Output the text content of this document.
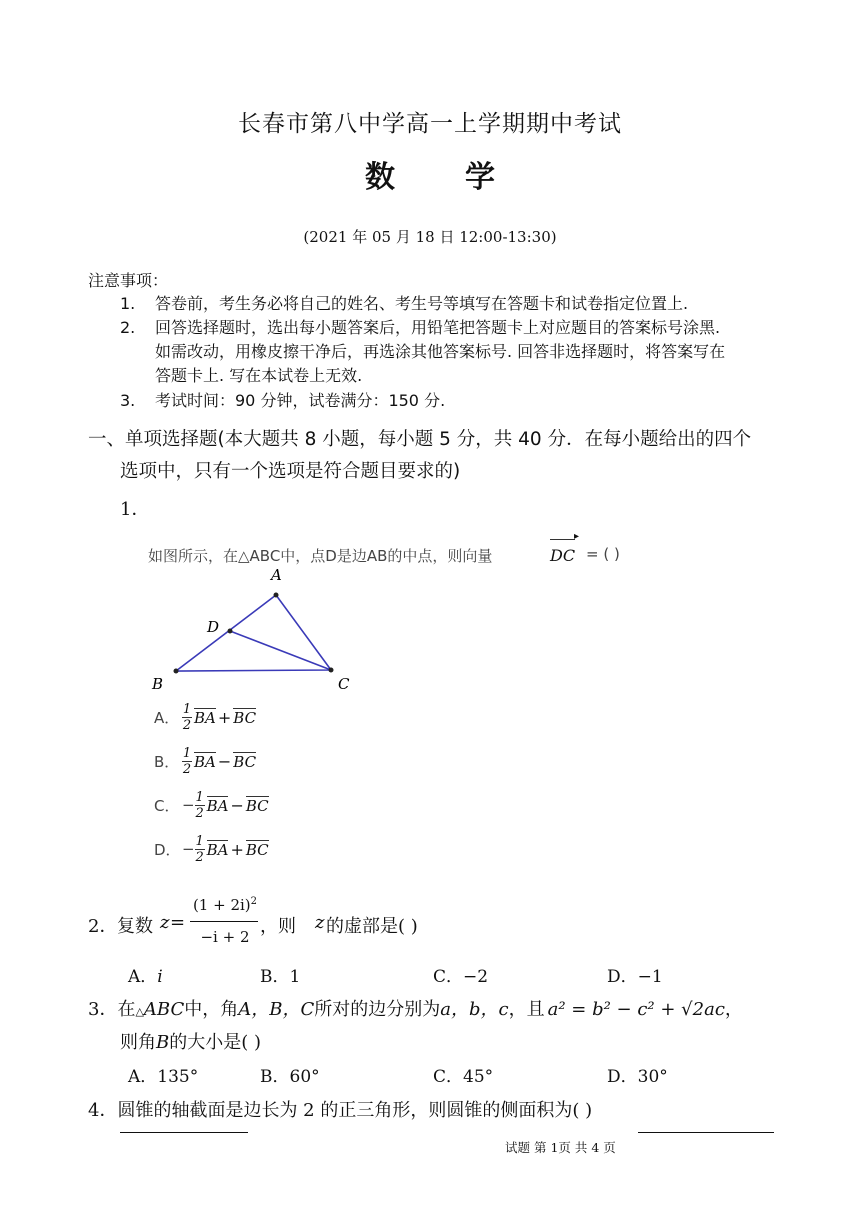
长春市第八中学高一上学期期中考试
数 学
(2021 年 05 月 18 日 12:00-13:30)
注意事项：
1. 答卷前，考生务必将自己的姓名、考生号等填写在答题卡和试卷指定位置上.
2. 回答选择题时，选出每小题答案后，用铅笔把答题卡上对应题目的答案标号涂黑.
如需改动，用橡皮擦干净后，再选涂其他答案标号. 回答非选择题时，将答案写在
答题卡上. 写在本试卷上无效.
3. 考试时间：90 分钟，试卷满分：150 分.
一、单项选择题(本大题共 8 小题，每小题 5 分，共 40 分．在每小题给出的四个
选项中，只有一个选项是符合题目要求的)
1．
如图所示，在△ABC中，点D是边AB的中点，则向量
▸
DC = ( )
A
D
B	C
A． 1
2 BA + BC
B． 1
2 BA − BC
C． − 1
2 BA − BC
D． − 1
2 BA + BC
2． 复数 z =
$(1 + 2i)^2$
−i + 2 ，则 z 的虚部是( )
A．i	B．1	C．−2	D．−1
3．在△ABC中，角A，B，C所对的边分别为a，b，c，且 a² = b² − c² + √2ac，
则角B的大小是( )
A．135°	B．60°	C．45°	D．30°
4．圆锥的轴截面是边长为 2 的正三角形，则圆锥的侧面积为( )
试题 第 1页 共 4 页
